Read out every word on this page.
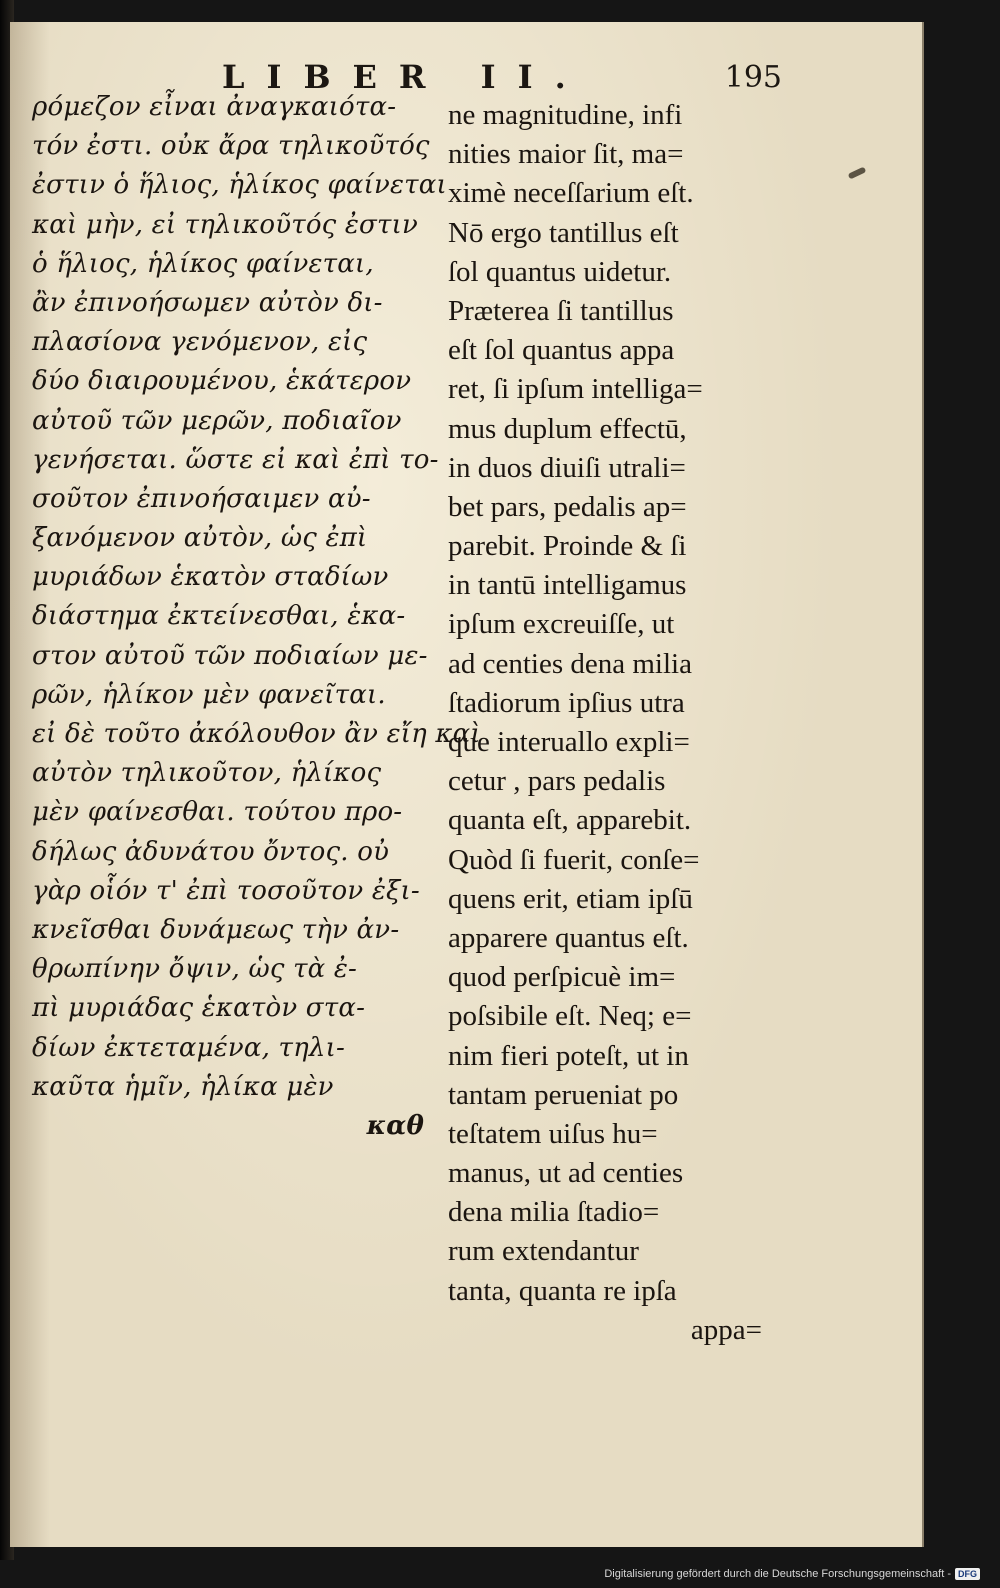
LIBER II.	195
ρόμεζον εἶναι ἀναγκαιότα-
τόν ἐστι. οὐκ ἄρα τηλικοῦτός
ἐστιν ὁ ἥλιος, ἡλίκος φαίνεται
καὶ μὴν, εἰ τηλικοῦτός ἐστιν
ὁ ἥλιος, ἡλίκος φαίνεται,
ἂν ἐπινοήσωμεν αὐτὸν δι-
πλασίονα γενόμενον, εἰς
δύο διαιρουμένου, ἑκάτερον
αὐτοῦ τῶν μερῶν, ποδιαῖον
γενήσεται. ὥστε εἰ καὶ ἐπὶ το-
σοῦτον ἐπινοήσαιμεν αὐ-
ξανόμενον αὐτὸν, ὡς ἐπὶ
μυριάδων ἑκατὸν σταδίων
διάστημα ἐκτείνεσθαι, ἑκα-
στον αὐτοῦ τῶν ποδιαίων με-
ρῶν, ἡλίκον μὲν φανεῖται.
εἰ δὲ τοῦτο ἀκόλουθον ἂν εἴη καὶ
αὐτὸν τηλικοῦτον, ἡλίκος
μὲν φαίνεσθαι. τούτου προ-
δήλως ἀδυνάτου ὄντος. οὐ
γὰρ οἷόν τ' ἐπὶ τοσοῦτον ἐξι-
κνεῖσθαι δυνάμεως τὴν ἀν-
θρωπίνην ὄψιν, ὡς τὰ ἐ-
πὶ μυριάδας ἑκατὸν στα-
δίων ἐκτεταμένα, τηλι-
καῦτα ἡμῖν, ἡλίκα μὲν
καθ
ne magnitudine, infi
nities maior ſit, ma=
ximè neceſſarium eſt.
Nō ergo tantillus eſt
ſol quantus uidetur.
Præterea ſi tantillus
eſt ſol quantus appa
ret, ſi ipſum intelliga=
mus duplum effectū,
in duos diuiſi utrali=
bet pars, pedalis ap=
parebit. Proinde & ſi
in tantū intelligamus
ipſum excreuiſſe, ut
ad centies dena milia
ſtadiorum ipſius utra
que interuallo expli=
cetur , pars pedalis
quanta eſt, apparebit.
Quòd ſi fuerit, conſe=
quens erit, etiam ipſū
apparere quantus eſt.
quod perſpicuè im=
poſsibile eſt. Neq; e=
nim fieri poteſt, ut in
tantam perueniat po
teſtatem uiſus hu=
manus, ut ad centies
dena milia ſtadio=
rum extendantur
tanta, quanta re ipſa
appa=
Digitalisierung gefördert durch die Deutsche Forschungsgemeinschaft - DFG
